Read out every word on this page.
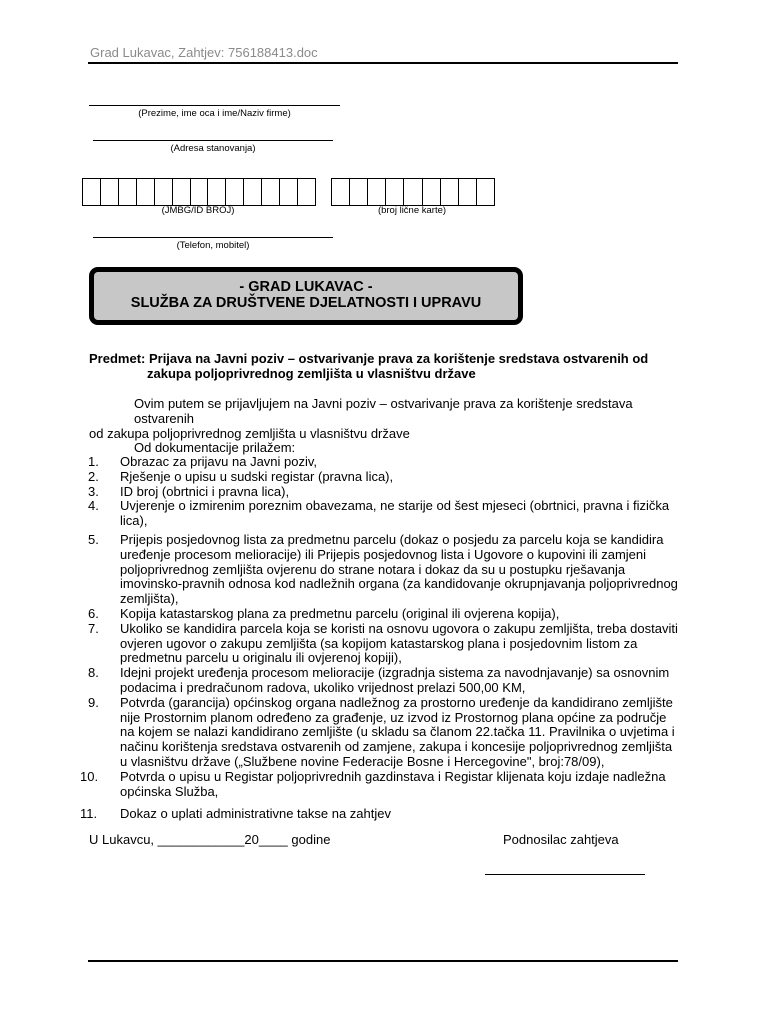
Grad Lukavac, Zahtjev: 756188413.doc
(Prezime, ime oca i ime/Naziv firme)
(Adresa stanovanja)
(JMBG/ID BROJ)	(broj lične karte)
(Telefon, mobitel)
- GRAD LUKAVAC -
SLUŽBA ZA DRUŠTVENE DJELATNOSTI I UPRAVU
Predmet: Prijava na Javni poziv – ostvarivanje prava za korištenje sredstava ostvarenih od
zakupa poljoprivrednog zemljišta u vlasništvu države
Ovim putem se prijavljujem na Javni poziv – ostvarivanje prava za korištenje sredstava ostvarenih
od zakupa poljoprivrednog zemljišta u vlasništvu države
Od dokumentacije prilažem:
1. Obrazac za prijavu na Javni poziv,
2. Rješenje o upisu u sudski registar (pravna lica),
3. ID broj (obrtnici i pravna lica),
4. Uvjerenje o izmirenim poreznim obavezama, ne starije od šest mjeseci (obrtnici, pravna i fizička lica),
5. Prijepis posjedovnog lista za predmetnu parcelu (dokaz o posjedu za parcelu koja se kandidira uređenje procesom melioracije) ili Prijepis posjedovnog lista i Ugovore o kupovini ili zamjeni poljoprivrednog zemljišta ovjerenu do strane notara i dokaz da su u postupku rješavanja imovinsko-pravnih odnosa kod nadležnih organa (za kandidovanje okrupnjavanja poljoprivrednog zemljišta),
6. Kopija katastarskog plana za predmetnu parcelu (original ili ovjerena kopija),
7. Ukoliko se kandidira parcela koja se koristi na osnovu ugovora o zakupu zemljišta, treba dostaviti ovjeren ugovor o zakupu zemljišta (sa kopijom katastarskog plana i posjedovnim listom za predmetnu parcelu u originalu ili ovjerenoj kopiji),
8. Idejni projekt uređenja procesom melioracije (izgradnja sistema za navodnjavanje) sa osnovnim podacima i predračunom radova, ukoliko vrijednost prelazi 500,00 KM,
9. Potvrda (garancija) općinskog organa nadležnog za prostorno uređenje da kandidirano zemljište nije Prostornim planom određeno za građenje, uz izvod iz Prostornog plana općine za područje na kojem se nalazi kandidirano zemljište (u skladu sa članom 22.tačka 11. Pravilnika o uvjetima i načinu korištenja sredstava ostvarenih od zamjene, zakupa i koncesije poljoprivrednog zemljišta u vlasništvu države („Službene novine Federacije Bosne i Hercegovine", broj:78/09),
10. Potvrda o upisu u Registar poljoprivrednih gazdinstava i Registar klijenata koju izdaje nadležna općinska Služba,
11. Dokaz o uplati administrativne takse na zahtjev
U Lukavcu, ____________20____ godine	Podnosilac zahtjeva
